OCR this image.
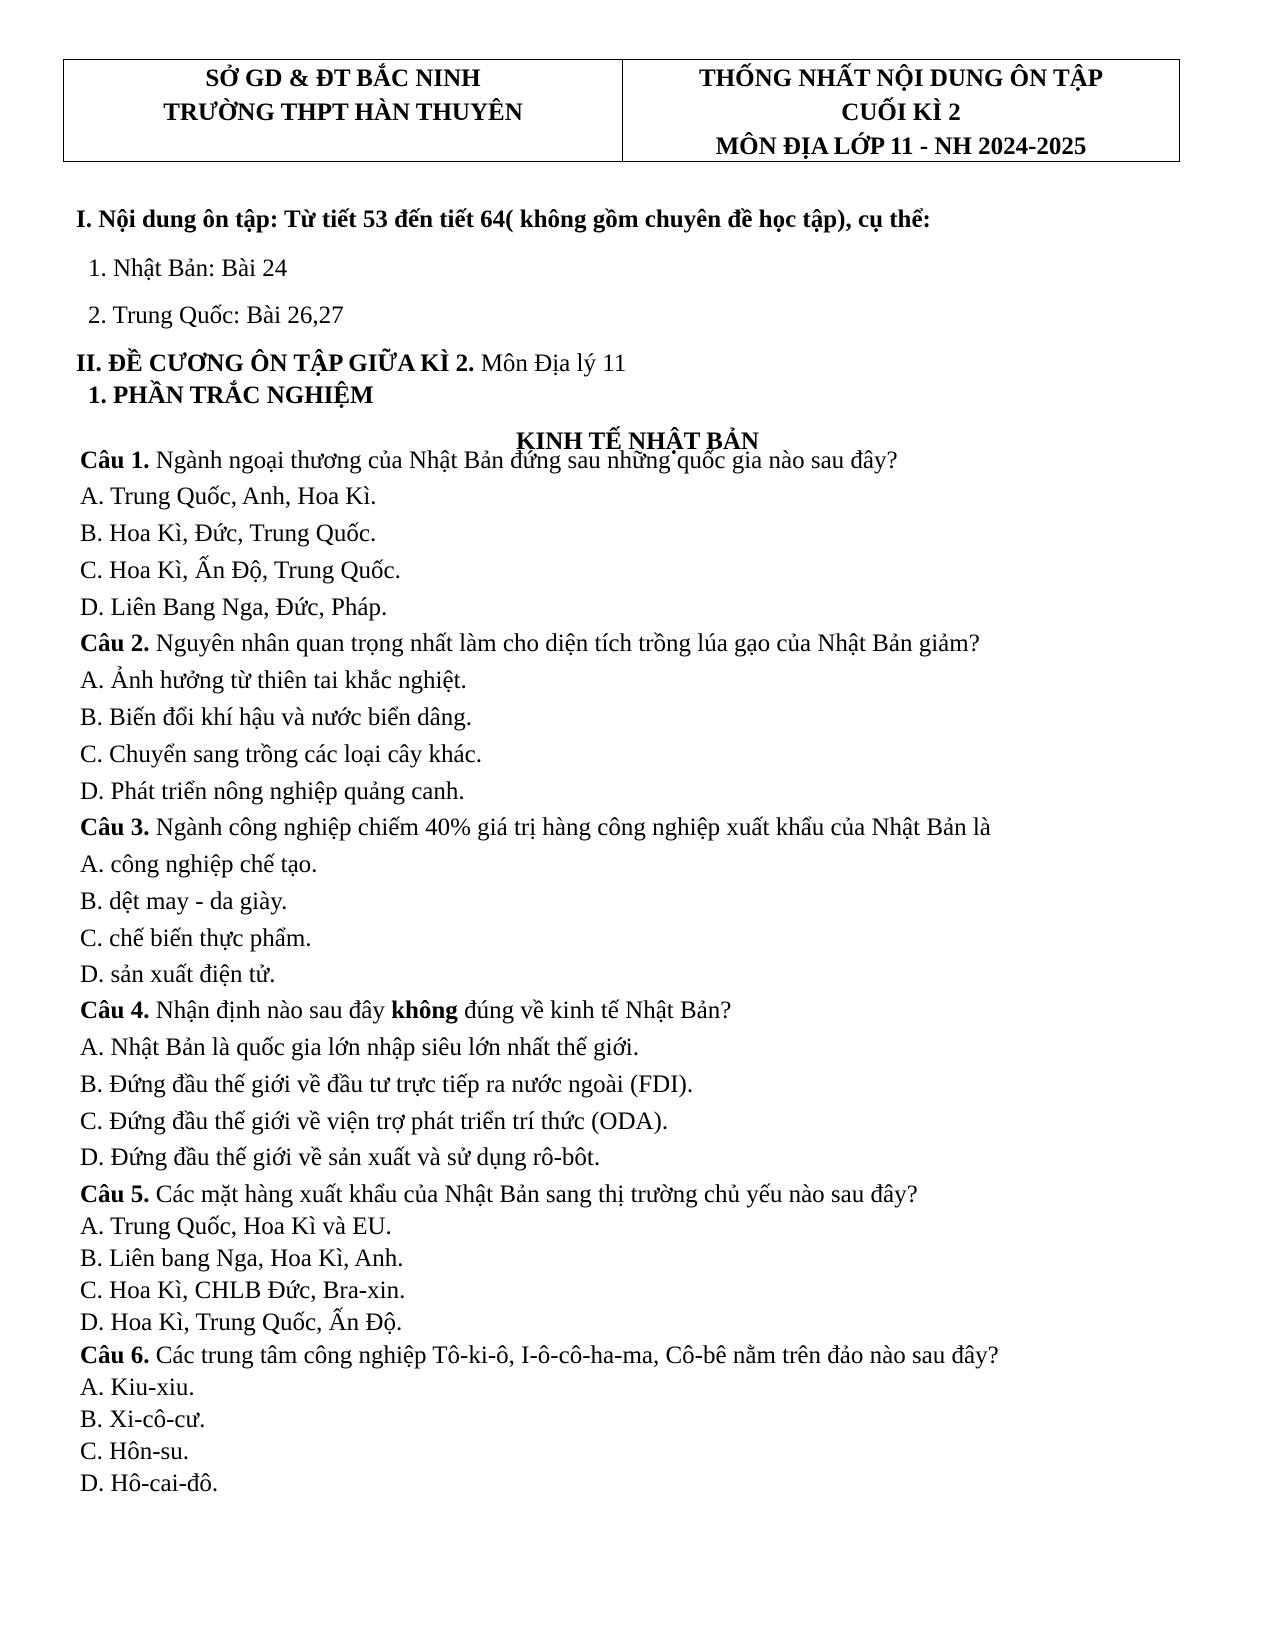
SỞ GD & ĐT BẮC NINH
TRƯỜNG THPT HÀN THUYÊN
THỐNG NHẤT NỘI DUNG ÔN TẬP
CUỐI KÌ 2
MÔN ĐỊA LỚP 11 - NH 2024-2025
I. Nội dung ôn tập: Từ tiết 53 đến tiết 64( không gồm chuyên đề học tập), cụ thể:
1. Nhật Bản: Bài 24
2. Trung Quốc: Bài 26,27
II. ĐỀ CƯƠNG ÔN TẬP GIỮA KÌ 2. Môn Địa lý 11
1. PHẦN TRẮC NGHIỆM
KINH TẾ NHẬT BẢN
Câu 1. Ngành ngoại thương của Nhật Bản đứng sau những quốc gia nào sau đây?
A. Trung Quốc, Anh, Hoa Kì.
B. Hoa Kì, Đức, Trung Quốc.
C. Hoa Kì, Ấn Độ, Trung Quốc.
D. Liên Bang Nga, Đức, Pháp.
Câu 2. Nguyên nhân quan trọng nhất làm cho diện tích trồng lúa gạo của Nhật Bản giảm?
A. Ảnh hưởng từ thiên tai khắc nghiệt.
B. Biến đổi khí hậu và nước biển dâng.
C. Chuyển sang trồng các loại cây khác.
D. Phát triển nông nghiệp quảng canh.
Câu 3. Ngành công nghiệp chiếm 40% giá trị hàng công nghiệp xuất khẩu của Nhật Bản là
A. công nghiệp chế tạo.
B. dệt may - da giày.
C. chế biến thực phẩm.
D. sản xuất điện tử.
Câu 4. Nhận định nào sau đây không đúng về kinh tế Nhật Bản?
A. Nhật Bản là quốc gia lớn nhập siêu lớn nhất thế giới.
B. Đứng đầu thế giới về đầu tư trực tiếp ra nước ngoài (FDI).
C. Đứng đầu thế giới về viện trợ phát triển trí thức (ODA).
D. Đứng đầu thế giới về sản xuất và sử dụng rô-bôt.
Câu 5. Các mặt hàng xuất khẩu của Nhật Bản sang thị trường chủ yếu nào sau đây?
A. Trung Quốc, Hoa Kì và EU.
B. Liên bang Nga, Hoa Kì, Anh.
C. Hoa Kì, CHLB Đức, Bra-xin.
D. Hoa Kì, Trung Quốc, Ấn Độ.
Câu 6. Các trung tâm công nghiệp Tô-ki-ô, I-ô-cô-ha-ma, Cô-bê nằm trên đảo nào sau đây?
A. Kiu-xiu.
B. Xi-cô-cư.
C. Hôn-su.
D. Hô-cai-đô.
